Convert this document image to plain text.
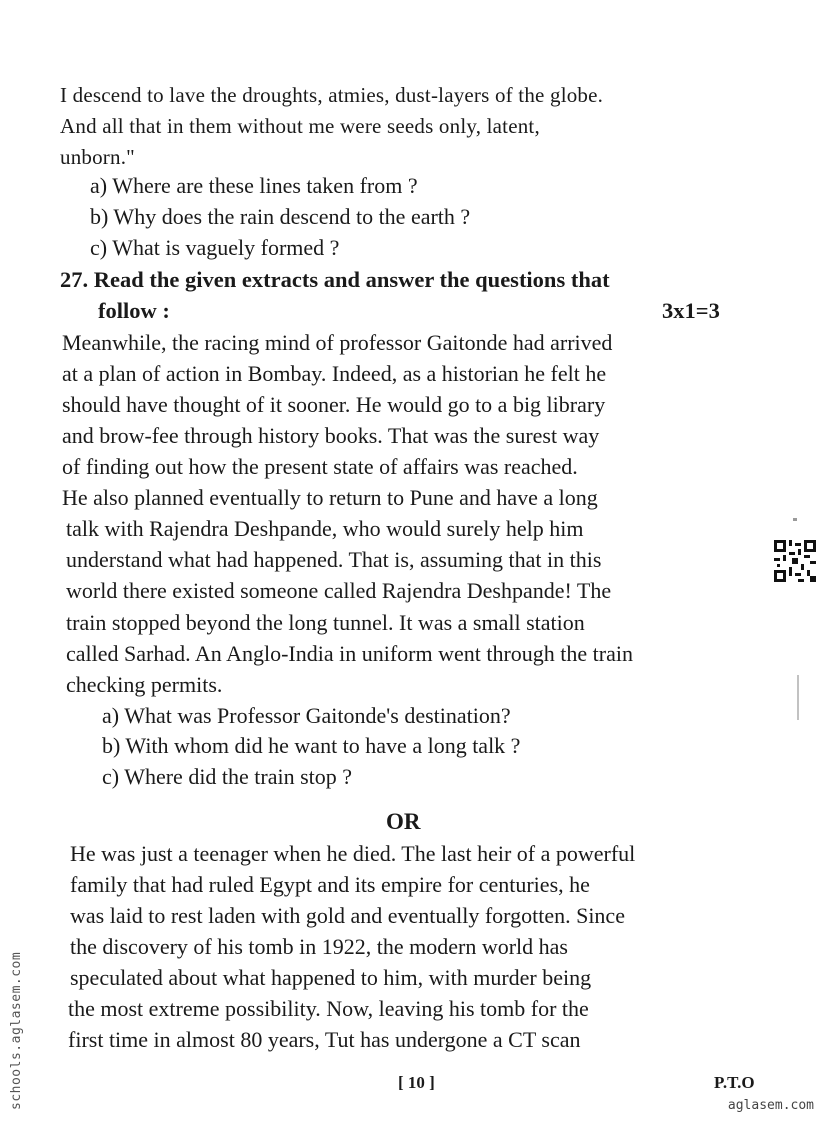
I descend to lave the droughts, atmies, dust-layers of the globe.
And all that in them without me were seeds only, latent,
unborn."
a) Where are these lines taken from ?
b) Why does the rain descend to the earth ?
c) What is vaguely formed ?
27. Read the given extracts and answer the questions that
follow :	3x1=3
Meanwhile, the racing mind of professor Gaitonde had arrived
at a plan of action in Bombay. Indeed, as a historian he felt he
should have thought of it sooner. He would go to a big library
and brow-fee through history books. That was the surest way
of finding out how the present state of affairs was reached.
He also planned eventually to return to Pune and have a long
talk with Rajendra Deshpande, who would surely help him
understand what had happened. That is, assuming that in this
world there existed someone called Rajendra Deshpande! The
train stopped beyond the long tunnel. It was a small station
called Sarhad. An Anglo-India in uniform went through the train
checking permits.
a) What was Professor Gaitonde's destination?
b) With whom did he want to have a long talk ?
c) Where did the train stop ?
OR
He was just a teenager when he died. The last heir of a powerful
family that had ruled Egypt and its empire for centuries, he
was laid to rest laden with gold and eventually forgotten. Since
the discovery of his tomb in 1922, the modern world has
speculated about what happened to him, with murder being
the most extreme possibility. Now, leaving his tomb for the
first time in almost 80 years, Tut has undergone a CT scan
[ 10 ]	P.T.O
schools.aglasem.com	aglasem.com
